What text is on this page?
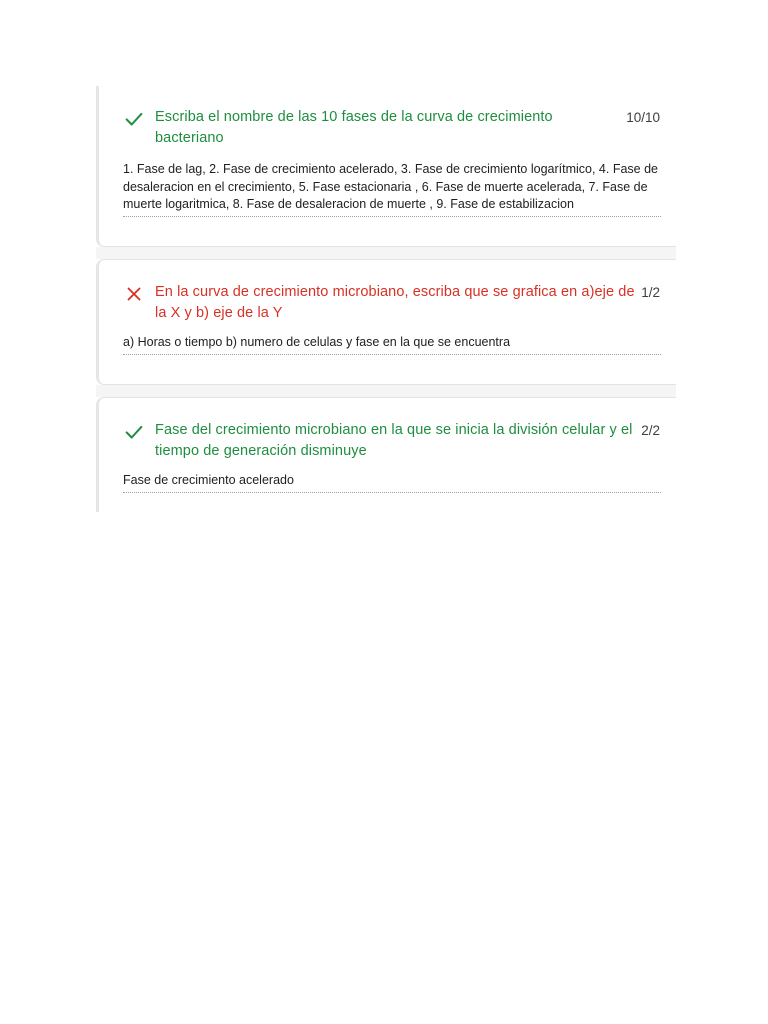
Escriba el nombre de las 10 fases de la curva de crecimiento bacteriano
10/10
1. Fase de lag, 2. Fase de crecimiento acelerado, 3. Fase de crecimiento logarítmico, 4. Fase de desaleracion en el crecimiento, 5. Fase estacionaria , 6. Fase de muerte acelerada, 7. Fase de muerte logaritmica, 8. Fase de desaleracion de muerte , 9. Fase de estabilizacion
En la curva de crecimiento microbiano, escriba que se grafica en a)eje de la X y b) eje de la Y
1/2
a) Horas o tiempo b) numero de celulas y fase en la que se encuentra
Fase del crecimiento microbiano en la que se inicia la división celular y el tiempo de generación disminuye
2/2
Fase de crecimiento acelerado
